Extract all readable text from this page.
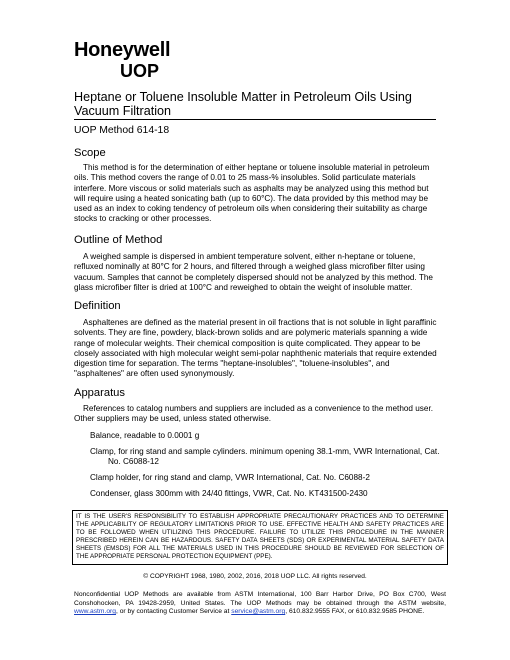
Honeywell
UOP
Heptane or Toluene Insoluble Matter in Petroleum Oils Using Vacuum Filtration
UOP Method 614-18
Scope

This method is for the determination of either heptane or toluene insoluble material in petroleum oils. This method covers the range of 0.01 to 25 mass-% insolubles. Solid particulate materials interfere. More viscous or solid materials such as asphalts may be analyzed using this method but will require using a heated sonicating bath (up to 60°C). The data provided by this method may be used as an index to coking tendency of petroleum oils when considering their suitability as charge stocks to cracking or other processes.

Outline of Method

A weighed sample is dispersed in ambient temperature solvent, either n-heptane or toluene, refluxed nominally at 80°C for 2 hours, and filtered through a weighed glass microfiber filter using vacuum. Samples that cannot be completely dispersed should not be analyzed by this method. The glass microfiber filter is dried at 100°C and reweighed to obtain the weight of insoluble matter.

Definition

Asphaltenes are defined as the material present in oil fractions that is not soluble in light paraffinic solvents. They are fine, powdery, black-brown solids and are polymeric materials spanning a wide range of molecular weights. Their chemical composition is quite complicated. They appear to be closely associated with high molecular weight semi-polar naphthenic materials that require extended digestion time for separation. The terms "heptane-insolubles", "toluene-insolubles", and "asphaltenes" are often used synonymously.

Apparatus

References to catalog numbers and suppliers are included as a convenience to the method user. Other suppliers may be used, unless stated otherwise.

Balance, readable to 0.0001 g
Clamp, for ring stand and sample cylinders. minimum opening 38.1-mm, VWR International, Cat. No. C6088-12
Clamp holder, for ring stand and clamp, VWR International, Cat. No. C6088-2
Condenser, glass 300mm with 24/40 fittings, VWR, Cat. No. KT431500-2430
IT IS THE USER'S RESPONSIBILITY TO ESTABLISH APPROPRIATE PRECAUTIONARY PRACTICES AND TO DETERMINE THE APPLICABILITY OF REGULATORY LIMITATIONS PRIOR TO USE. EFFECTIVE HEALTH AND SAFETY PRACTICES ARE TO BE FOLLOWED WHEN UTILIZING THIS PROCEDURE. FAILURE TO UTILIZE THIS PROCEDURE IN THE MANNER PRESCRIBED HEREIN CAN BE HAZARDOUS. SAFETY DATA SHEETS (SDS) OR EXPERIMENTAL MATERIAL SAFETY DATA SHEETS (EMSDS) FOR ALL THE MATERIALS USED IN THIS PROCEDURE SHOULD BE REVIEWED FOR SELECTION OF THE APPROPRIATE PERSONAL PROTECTION EQUIPMENT (PPE).
© COPYRIGHT 1968, 1980, 2002, 2016, 2018 UOP LLC. All rights reserved.
Nonconfidential UOP Methods are available from ASTM International, 100 Barr Harbor Drive, PO Box C700, West Conshohocken, PA 19428-2959, United States. The UOP Methods may be obtained through the ASTM website, www.astm.org, or by contacting Customer Service at service@astm.org, 610.832.9555 FAX, or 610.832.9585 PHONE.
